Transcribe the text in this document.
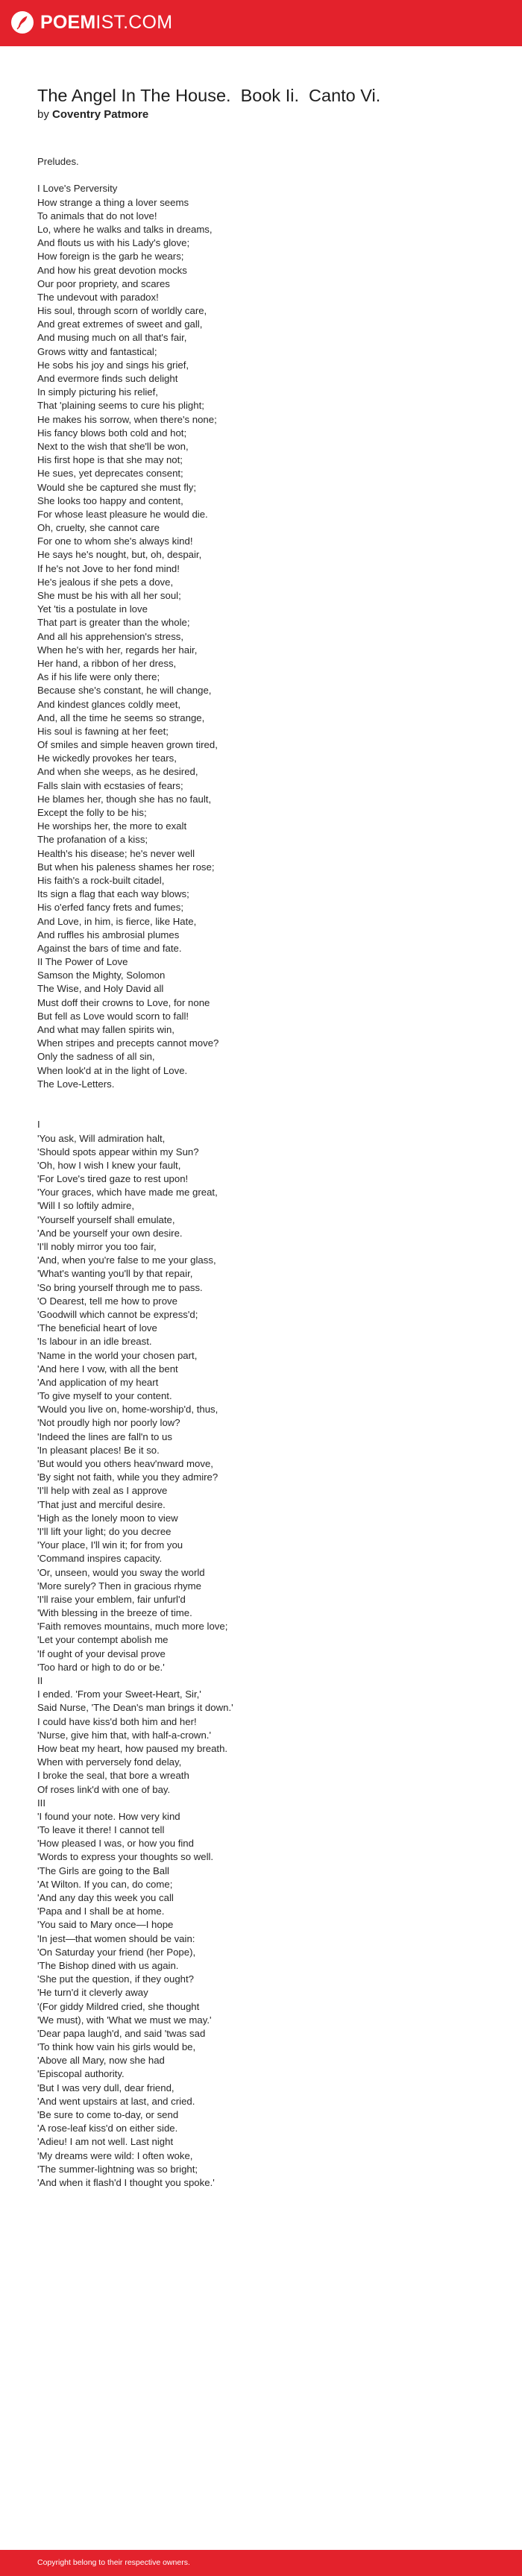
POEMIST.COM
The Angel In The House.  Book Ii.  Canto Vi.
by Coventry Patmore
Preludes.
I Love's Perversity
How strange a thing a lover seems
To animals that do not love!
Lo, where he walks and talks in dreams,
And flouts us with his Lady's glove;
How foreign is the garb he wears;
And how his great devotion mocks
Our poor propriety, and scares
The undevout with paradox!
His soul, through scorn of worldly care,
And great extremes of sweet and gall,
And musing much on all that's fair,
Grows witty and fantastical;
He sobs his joy and sings his grief,
And evermore finds such delight
In simply picturing his relief,
That 'plaining seems to cure his plight;
He makes his sorrow, when there's none;
His fancy blows both cold and hot;
Next to the wish that she'll be won,
His first hope is that she may not;
He sues, yet deprecates consent;
Would she be captured she must fly;
She looks too happy and content,
For whose least pleasure he would die.
Oh, cruelty, she cannot care
For one to whom she's always kind!
He says he's nought, but, oh, despair,
If he's not Jove to her fond mind!
He's jealous if she pets a dove,
She must be his with all her soul;
Yet 'tis a postulate in love
That part is greater than the whole;
And all his apprehension's stress,
When he's with her, regards her hair,
Her hand, a ribbon of her dress,
As if his life were only there;
Because she's constant, he will change,
And kindest glances coldly meet,
And, all the time he seems so strange,
His soul is fawning at her feet;
Of smiles and simple heaven grown tired,
He wickedly provokes her tears,
And when she weeps, as he desired,
Falls slain with ecstasies of fears;
He blames her, though she has no fault,
Except the folly to be his;
He worships her, the more to exalt
The profanation of a kiss;
Health's his disease; he's never well
But when his paleness shames her rose;
His faith's a rock-built citadel,
Its sign a flag that each way blows;
His o'erfed fancy frets and fumes;
And Love, in him, is fierce, like Hate,
And ruffles his ambrosial plumes
Against the bars of time and fate.
II The Power of Love
Samson the Mighty, Solomon
The Wise, and Holy David all
Must doff their crowns to Love, for none
But fell as Love would scorn to fall!
And what may fallen spirits win,
When stripes and precepts cannot move?
Only the sadness of all sin,
When look'd at in the light of Love.
The Love-Letters.
I
'You ask, Will admiration halt,
'Should spots appear within my Sun?
'Oh, how I wish I knew your fault,
'For Love's tired gaze to rest upon!
'Your graces, which have made me great,
'Will I so loftily admire,
'Yourself yourself shall emulate,
'And be yourself your own desire.
'I'll nobly mirror you too fair,
'And, when you're false to me your glass,
'What's wanting you'll by that repair,
'So bring yourself through me to pass.
'O Dearest, tell me how to prove
'Goodwill which cannot be express'd;
'The beneficial heart of love
'Is labour in an idle breast.
'Name in the world your chosen part,
'And here I vow, with all the bent
'And application of my heart
'To give myself to your content.
'Would you live on, home-worship'd, thus,
'Not proudly high nor poorly low?
'Indeed the lines are fall'n to us
'In pleasant places! Be it so.
'But would you others heav'nward move,
'By sight not faith, while you they admire?
'I'll help with zeal as I approve
'That just and merciful desire.
'High as the lonely moon to view
'I'll lift your light; do you decree
'Your place, I'll win it; for from you
'Command inspires capacity.
'Or, unseen, would you sway the world
'More surely? Then in gracious rhyme
'I'll raise your emblem, fair unfurl'd
'With blessing in the breeze of time.
'Faith removes mountains, much more love;
'Let your contempt abolish me
'If ought of your devisal prove
'Too hard or high to do or be.'
II
I ended. 'From your Sweet-Heart, Sir,'
Said Nurse, 'The Dean's man brings it down.'
I could have kiss'd both him and her!
'Nurse, give him that, with half-a-crown.'
How beat my heart, how paused my breath.
When with perversely fond delay,
I broke the seal, that bore a wreath
Of roses link'd with one of bay.
III
'I found your note. How very kind
'To leave it there! I cannot tell
'How pleased I was, or how you find
'Words to express your thoughts so well.
'The Girls are going to the Ball
'At Wilton. If you can, do come;
'And any day this week you call
'Papa and I shall be at home.
'You said to Mary once—I hope
'In jest—that women should be vain:
'On Saturday your friend (her Pope),
'The Bishop dined with us again.
'She put the question, if they ought?
'He turn'd it cleverly away
'(For giddy Mildred cried, she thought
'We must), with 'What we must we may.'
'Dear papa laugh'd, and said 'twas sad
'To think how vain his girls would be,
'Above all Mary, now she had
'Episcopal authority.
'But I was very dull, dear friend,
'And went upstairs at last, and cried.
'Be sure to come to-day, or send
'A rose-leaf kiss'd on either side.
'Adieu! I am not well. Last night
'My dreams were wild: I often woke,
'The summer-lightning was so bright;
'And when it flash'd I thought you spoke.'
Copyright belong to their respective owners.
